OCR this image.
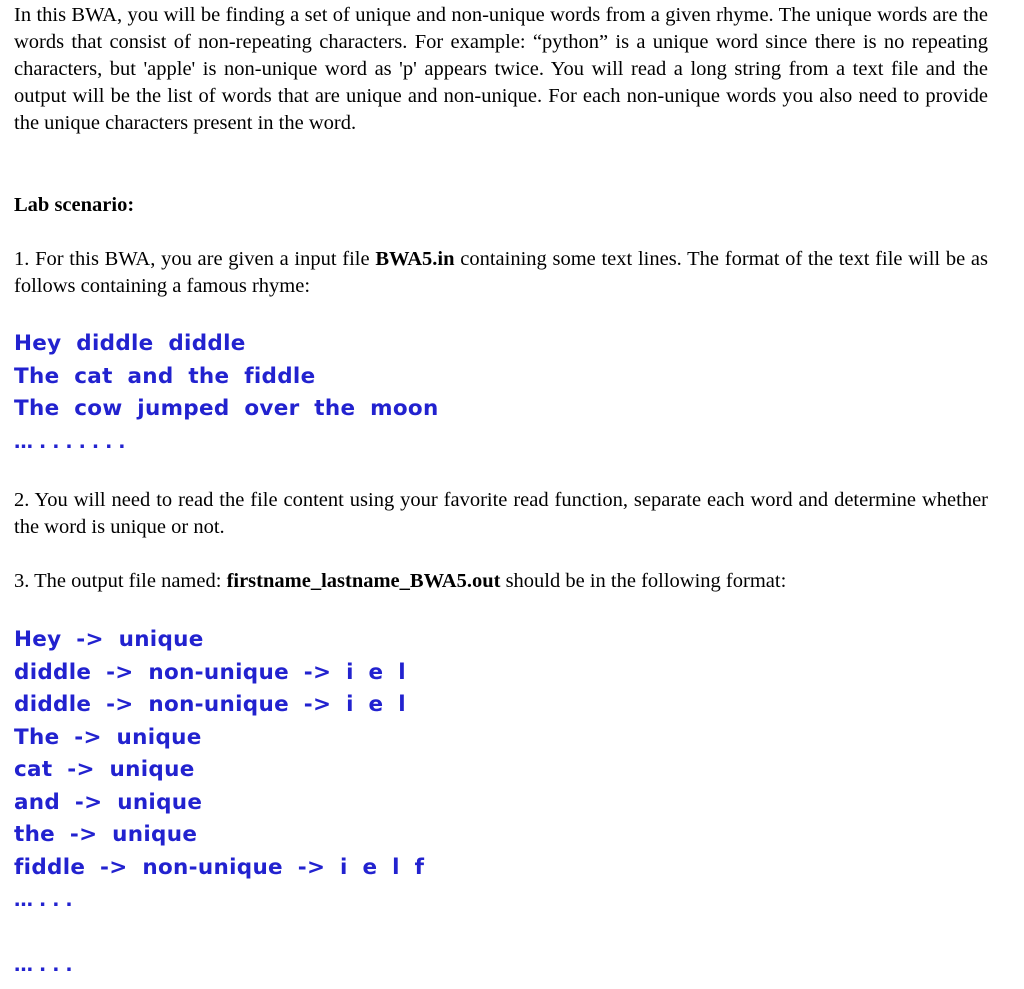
In this BWA, you will be finding a set of unique and non-unique words from a given rhyme. The unique words are the words that consist of non-repeating characters. For example: “python” is a unique word since there is no repeating characters, but 'apple' is non-unique word as 'p' appears twice. You will read a long string from a text file and the output will be the list of words that are unique and non-unique. For each non-unique words you also need to provide the unique characters present in the word.

Lab scenario:

1. For this BWA, you are given a input file BWA5.in containing some text lines. The format of the text file will be as follows containing a famous rhyme:

Hey diddle diddle
The cat and the fiddle
The cow jumped over the moon
….......​

2. You will need to read the file content using your favorite read function, separate each word and determine whether the word is unique or not.

3. The output file named: firstname_lastname_BWA5.out should be in the following format:

Hey -> unique
diddle -> non-unique -> i e l
diddle -> non-unique -> i e l
The -> unique
cat -> unique
and -> unique
the -> unique
fiddle -> non-unique -> i e l f
…...
…...
